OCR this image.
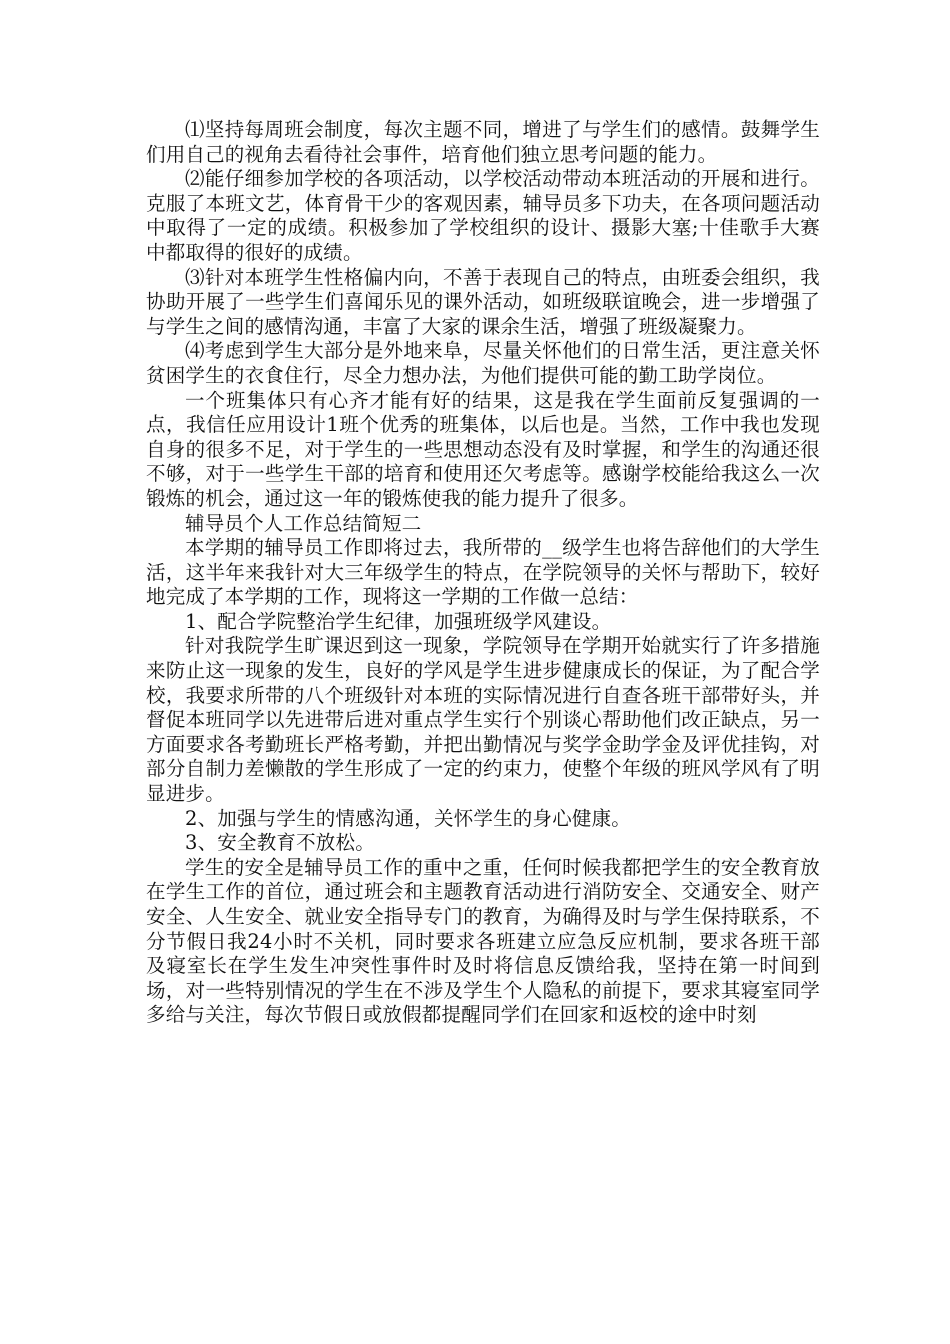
⑴坚持每周班会制度，每次主题不同，增进了与学生们的感情。鼓舞学生们用自己的视角去看待社会事件，培育他们独立思考问题的能力。

⑵能仔细参加学校的各项活动，以学校活动带动本班活动的开展和进行。克服了本班文艺，体育骨干少的客观因素，辅导员多下功夫，在各项问题活动中取得了一定的成绩。积极参加了学校组织的设计、摄影大塞;十佳歌手大赛中都取得的很好的成绩。

⑶针对本班学生性格偏内向，不善于表现自己的特点，由班委会组织，我协助开展了一些学生们喜闻乐见的课外活动，如班级联谊晚会，进一步增强了与学生之间的感情沟通，丰富了大家的课余生活，增强了班级凝聚力。

⑷考虑到学生大部分是外地来阜，尽量关怀他们的日常生活，更注意关怀贫困学生的衣食住行，尽全力想办法，为他们提供可能的勤工助学岗位。

一个班集体只有心齐才能有好的结果，这是我在学生面前反复强调的一点，我信任应用设计1班个优秀的班集体，以后也是。当然，工作中我也发现自身的很多不足，对于学生的一些思想动态没有及时掌握，和学生的沟通还很不够，对于一些学生干部的培育和使用还欠考虑等。感谢学校能给我这么一次锻炼的机会，通过这一年的锻炼使我的能力提升了很多。

辅导员个人工作总结简短二

本学期的辅导员工作即将过去，我所带的__级学生也将告辞他们的大学生活，这半年来我针对大三年级学生的特点，在学院领导的关怀与帮助下，较好地完成了本学期的工作，现将这一学期的工作做一总结：

1、配合学院整治学生纪律，加强班级学风建设。

针对我院学生旷课迟到这一现象，学院领导在学期开始就实行了许多措施来防止这一现象的发生，良好的学风是学生进步健康成长的保证，为了配合学校，我要求所带的八个班级针对本班的实际情况进行自查各班干部带好头，并督促本班同学以先进带后进对重点学生实行个别谈心帮助他们改正缺点，另一方面要求各考勤班长严格考勤，并把出勤情况与奖学金助学金及评优挂钩，对部分自制力差懒散的学生形成了一定的约束力，使整个年级的班风学风有了明显进步。

2、加强与学生的情感沟通，关怀学生的身心健康。

3、安全教育不放松。

学生的安全是辅导员工作的重中之重，任何时候我都把学生的安全教育放在学生工作的首位，通过班会和主题教育活动进行消防安全、交通安全、财产安全、人生安全、就业安全指导专门的教育，为确得及时与学生保持联系，不分节假日我24小时不关机，同时要求各班建立应急反应机制，要求各班干部及寝室长在学生发生冲突性事件时及时将信息反馈给我，坚持在第一时间到场，对一些特别情况的学生在不涉及学生个人隐私的前提下，要求其寝室同学多给与关注，每次节假日或放假都提醒同学们在回家和返校的途中时刻
